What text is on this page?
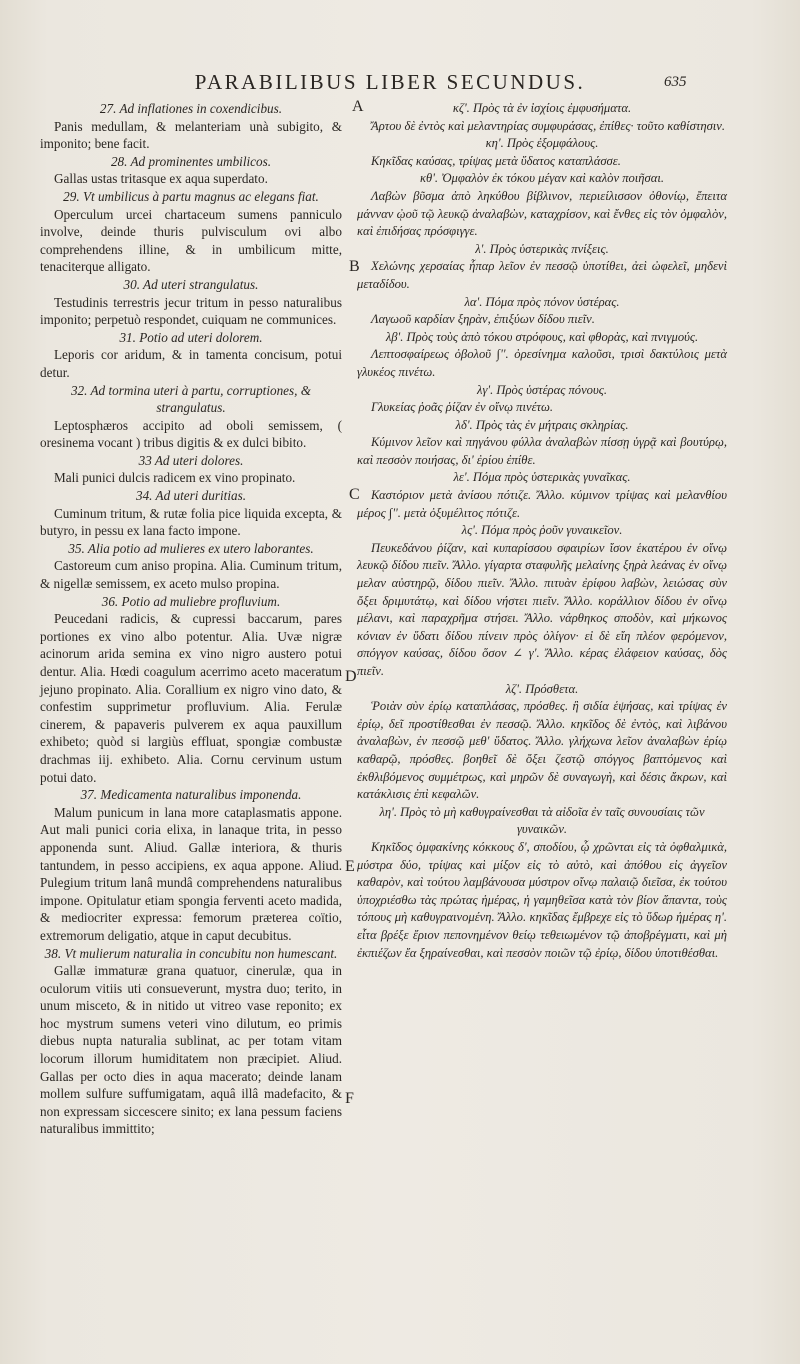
PARABILIBUS LIBER SECUNDUS.	635

27. Ad inflationes in coxendicibus.

Panis medullam, & melanteriam unà subigito, & imponito; bene facit.

28. Ad prominentes umbilicos.

Gallas ustas tritasque ex aqua superdato.

29. Vt umbilicus à partu magnus ac elegans fiat.

Operculum urcei chartaceum sumens panniculo involve, deinde thuris pulvisculum ovi albo comprehendens illine, & in umbilicum mitte, tenaciterque alligato.

30. Ad uteri strangulatus.

Testudinis terrestris jecur tritum in pesso naturalibus imponito; perpetuò respondet, cuiquam ne communices.

31. Potio ad uteri dolorem.

Leporis cor aridum, & in tamenta concisum, potui detur.

32. Ad tormina uteri à partu, corruptiones, & strangulatus.

Leptosphæros accipito ad oboli semissem, ( oresinema vocant ) tribus digitis & ex dulci bibito.

33 Ad uteri dolores.

Mali punici dulcis radicem ex vino propinato.

34. Ad uteri duritias.

Cuminum tritum, & rutæ folia pice liquida excepta, & butyro, in pessu ex lana facto impone.

35. Alia potio ad mulieres ex utero laborantes.

Castoreum cum aniso propina. Alia. Cuminum tritum, & nigellæ semissem, ex aceto mulso propina.

36. Potio ad muliebre profluvium.

Peucedani radicis, & cupressi baccarum, pares portiones ex vino albo potentur. Alia. Uvæ nigræ acinorum arida semina ex vino nigro austero potui dentur. Alia. Hœdi coagulum acerrimo aceto maceratum jejuno propinato. Alia. Corallium ex nigro vino dato, & confestim supprimetur profluvium. Alia. Ferulæ cinerem, & papaveris pulverem ex aqua pauxillum exhibeto; quòd si largiùs effluat, spongiæ combustæ drachmas iij. exhibeto. Alia. Cornu cervinum ustum potui dato.

37. Medicamenta naturalibus imponenda.

Malum punicum in lana more cataplasmatis appone. Aut mali punici coria elixa, in lanaque trita, in pesso apponenda sunt. Aliud. Gallæ interiora, & thuris tantundem, in pesso accipiens, ex aqua appone. Aliud. Pulegium tritum lanâ mundâ comprehendens naturalibus impone. Opitulatur etiam spongia ferventi aceto madida, & mediocriter expressa: femorum præterea coïtio, extremorum deligatio, atque in caput decubitus.

38. Vt mulierum naturalia in concubitu non humescant.

Gallæ immaturæ grana quatuor, cinerulæ, qua in oculorum vitiis uti consueverunt, mystra duo; terito, in unum misceto, & in nitido ut vitreo vase reponito; ex hoc mystrum sumens veteri vino dilutum, eo primis diebus nupta naturalia sublinat, ac per totam vitam locorum illorum humiditatem non præcipiet. Aliud. Gallas per octo dies in aqua macerato; deinde lanam mollem sulfure suffumigatam, aquâ illâ madefacito, & non expressam siccescere sinito; ex lana pessum faciens naturalibus immittito;

κζ'. Πρὸς τὰ ἐν ἰσχίοις ἐμφυσήματα.

Ἄρτου δὲ ἐντὸς καὶ μελαντηρίας συμφυράσας, ἐπίθες· τοῦτο καθίστησιν.

κη'. Πρὸς ἐξομφάλους.

Κηκῖδας καύσας, τρίψας μετὰ ὕδατος καταπλάσσε.

κθ'. Ὀμφαλὸν ἐκ τόκου μέγαν καὶ καλὸν ποιῆσαι.

Λαβὼν βῦσμα ἀπὸ ληκύθου βίβλινον, περιείλισσον ὀθονίῳ, ἔπειτα μάνναν ᾠοῦ τῷ λευκῷ ἀναλαβὼν, καταχρίσον, καὶ ἔνθες εἰς τὸν ὀμφαλὸν, καὶ ἐπιδήσας πρόσφιγγε.

λ'. Πρὸς ὑστερικὰς πνίξεις.

Χελώνης χερσαίας ἧπαρ λεῖον ἐν πεσσῷ ὑποτίθει, ἀεὶ ὠφελεῖ, μηδενὶ μεταδίδου.

λα'. Πόμα πρὸς πόνον ὑστέρας.

Λαγωοῦ καρδίαν ξηρὰν, ἐπιξύων δίδου πιεῖν.

λβ'. Πρὸς τοὺς ἀπὸ τόκου στρόφους, καὶ φθορὰς, καὶ πνιγμούς.

Λεπτοσφαίρεως ὀβολοῦ ∫''. ὀρεσίνημα καλοῦσι, τρισὶ δακτύλοις μετὰ γλυκέος πινέτω.

λγ'. Πρὸς ὑστέρας πόνους.

Γλυκείας ῥοᾶς ῥίζαν ἐν οἴνῳ πινέτω.

λδ'. Πρὸς τὰς ἐν μήτραις σκληρίας.

Κύμινον λεῖον καὶ πηγάνου φύλλα ἀναλαβὼν πίσσῃ ὑγρᾷ καὶ βουτύρῳ, καὶ πεσσὸν ποιήσας, δι' ἐρίου ἐπίθε.

λε'. Πόμα πρὸς ὑστερικὰς γυναῖκας.

Καστόριον μετὰ ἀνίσου πότιζε. Ἄλλο. κύμινον τρίψας καὶ μελανθίου μέρος ∫''. μετὰ ὀξυμέλιτος πότιζε.

λς'. Πόμα πρὸς ῥοῦν γυναικεῖον.

Πευκεδάνου ῥίζαν, καὶ κυπαρίσσου σφαιρίων ἴσον ἑκατέρου ἐν οἴνῳ λευκῷ δίδου πιεῖν. Ἄλλο. γίγαρτα σταφυλῆς μελαίνης ξηρὰ λεάνας ἐν οἴνῳ μελαν αὐστηρῷ, δίδου πιεῖν. Ἄλλο. πιτυὰν ἐρίφου λαβὼν, λειώσας σὺν ὄξει δριμυτάτῳ, καὶ δίδου νήστει πιεῖν. Ἄλλο. κοράλλιον δίδου ἐν οἴνῳ μέλανι, καὶ παραχρῆμα στήσει. Ἄλλο. νάρθηκος σποδὸν, καὶ μήκωνος κόνιαν ἐν ὕδατι δίδου πίνειν πρὸς ὀλίγον· εἰ δὲ εἴη πλέον φερόμενον, σπόγγον καύσας, δίδου ὅσον ∠ γ'. Ἄλλο. κέρας ἐλάφειον καύσας, δὸς πιεῖν.

λζ'. Πρόσθετα.

Ῥοιὰν σὺν ἐρίῳ καταπλάσας, πρόσθες. ἢ σιδία ἑψήσας, καὶ τρίψας ἐν ἐρίῳ, δεῖ προστίθεσθαι ἐν πεσσῷ. Ἄλλο. κηκῖδος δὲ ἐντὸς, καὶ λιβάνου ἀναλαβὼν, ἐν πεσσῷ μεθ' ὕδατος. Ἄλλο. γλήχωνα λεῖον ἀναλαβὼν ἐρίῳ καθαρῷ, πρόσθες. βοηθεῖ δὲ ὄξει ζεστῷ σπόγγος βαπτόμενος καὶ ἐκθλιβόμενος συμμέτρως, καὶ μηρῶν δὲ συναγωγὴ, καὶ δέσις ἄκρων, καὶ κατάκλισις ἐπὶ κεφαλῶν.

λη'. Πρὸς τὸ μὴ καθυγραίνεσθαι τὰ αἰδοῖα ἐν ταῖς συνουσίαις τῶν γυναικῶν.

Κηκῖδος ὀμφακίνης κόκκους δ', σποδίου, ᾧ χρῶνται εἰς τὰ ὀφθαλμικὰ, μύστρα δύο, τρίψας καὶ μίξον εἰς τὸ αὐτὸ, καὶ ἀπόθου εἰς ἀγγεῖον καθαρὸν, καὶ τούτου λαμβάνουσα μύστρον οἴνῳ παλαιῷ διεῖσα, ἐκ τούτου ὑποχριέσθω τὰς πρώτας ἡμέρας, ἡ γαμηθεῖσα κατὰ τὸν βίον ἅπαντα, τοὺς τόπους μὴ καθυγραινομένη. Ἄλλο. κηκῖδας ἔμβρεχε εἰς τὸ ὕδωρ ἡμέρας η'. εἶτα βρέξε ἔριον πεπονημένον θείῳ τεθειωμένον τῷ ἀποβρέγματι, καὶ μὴ ἐκπιέζων ἔα ξηραίνεσθαι, καὶ πεσσὸν ποιῶν τῷ ἐρίῳ, δίδου ὑποτιθέσθαι.

A
B
C
D
E
F
